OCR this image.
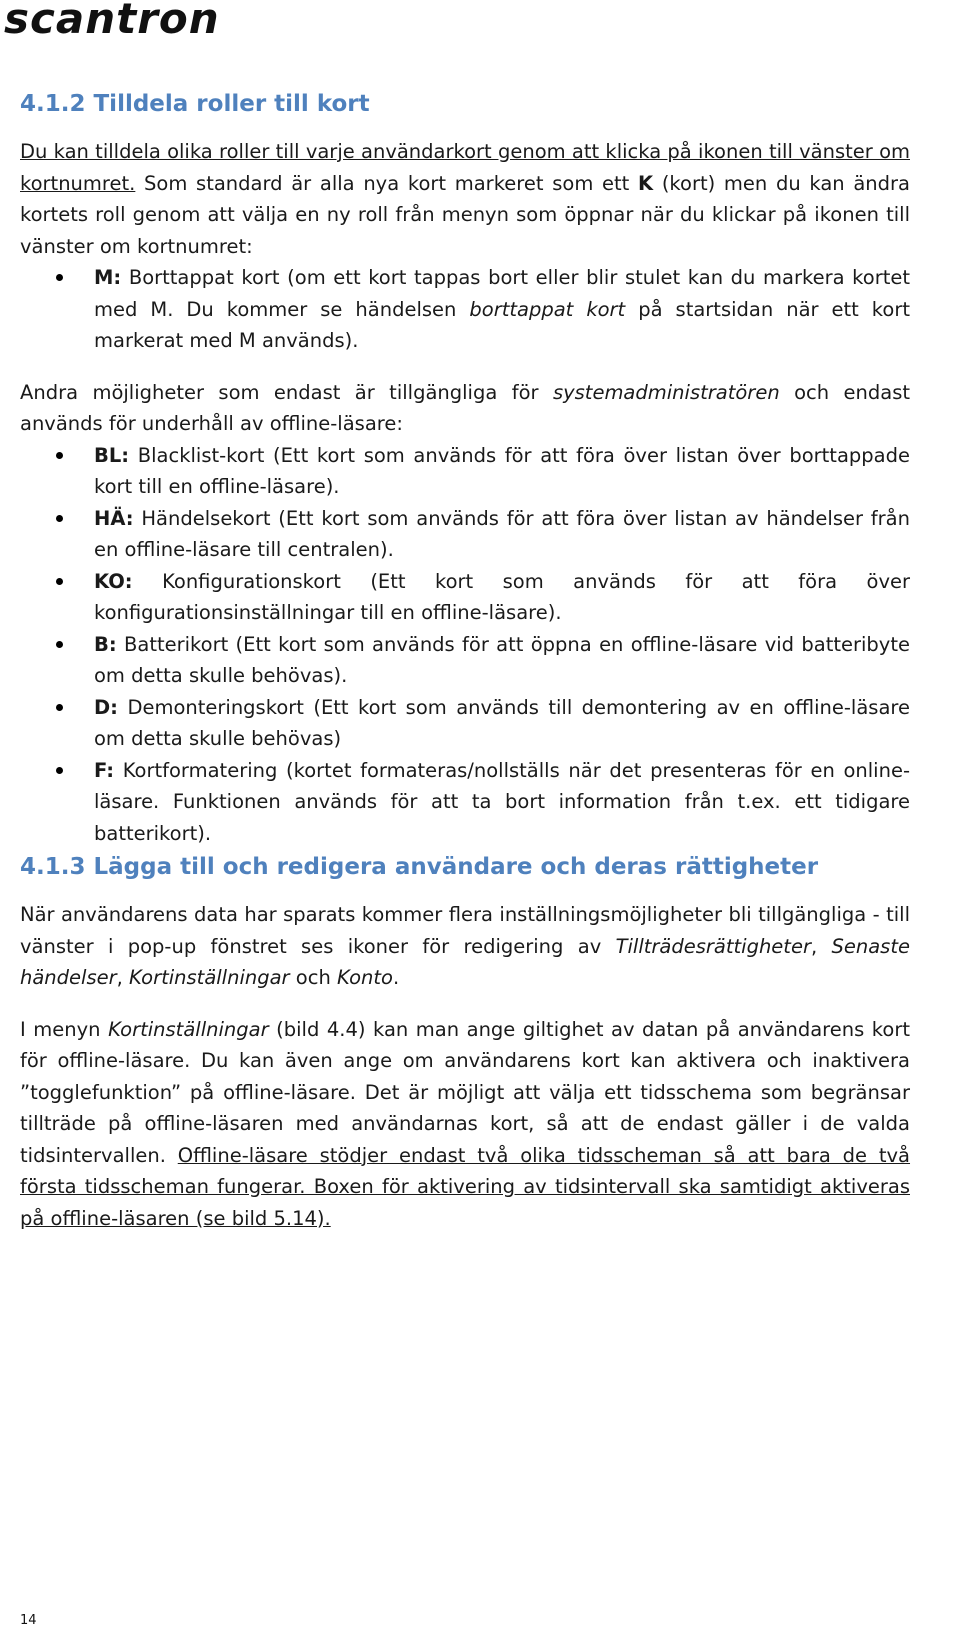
scantron
4.1.2 Tilldela roller till kort

Du kan tilldela olika roller till varje användarkort genom att klicka på ikonen till vänster om kortnumret. Som standard är alla nya kort markeret som ett K (kort) men du kan ändra kortets roll genom att välja en ny roll från menyn som öppnar när du klickar på ikonen till vänster om kortnumret:

M: Borttappat kort (om ett kort tappas bort eller blir stulet kan du markera kortet med M. Du kommer se händelsen borttappat kort på startsidan när ett kort markerat med M används).

Andra möjligheter som endast är tillgängliga för systemadministratören och endast används för underhåll av offline-läsare:

BL: Blacklist-kort (Ett kort som används för att föra över listan över borttappade kort till en offline-läsare).
HÄ: Händelsekort (Ett kort som används för att föra över listan av händelser från en offline-läsare till centralen).
KO: Konfigurationskort (Ett kort som används för att föra över konfigurationsinställningar till en offline-läsare).
B: Batterikort (Ett kort som används för att öppna en offline-läsare vid batteribyte om detta skulle behövas).
D: Demonteringskort (Ett kort som används till demontering av en offline-läsare om detta skulle behövas)
F: Kortformatering (kortet formateras/nollställs när det presenteras för en online-läsare. Funktionen används för att ta bort information från t.ex. ett tidigare batterikort).
4.1.3 Lägga till och redigera användare och deras rättigheter

När användarens data har sparats kommer flera inställningsmöjligheter bli tillgängliga - till vänster i pop-up fönstret ses ikoner för redigering av Tillträdesrättigheter, Senaste händelser, Kortinställningar och Konto.

I menyn Kortinställningar (bild 4.4) kan man ange giltighet av datan på användarens kort för offline-läsare. Du kan även ange om användarens kort kan aktivera och inaktivera ”togglefunktion” på offline-läsare. Det är möjligt att välja ett tidsschema som begränsar tillträde på offline-läsaren med användarnas kort, så att de endast gäller i de valda tidsintervallen. Offline-läsare stödjer endast två olika tidsscheman så att bara de två första tidsscheman fungerar. Boxen för aktivering av tidsintervall ska samtidigt aktiveras på offline-läsaren (se bild 5.14).

14
